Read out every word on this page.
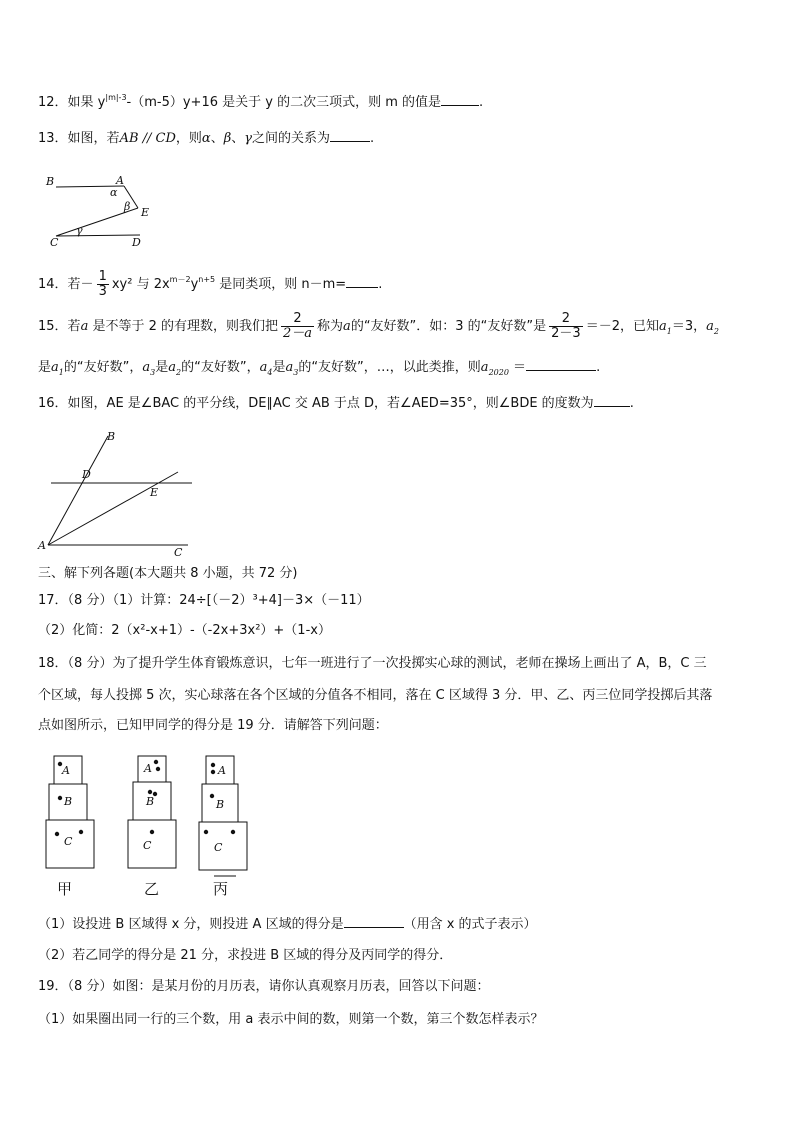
12．如果 $y^{|m|-3}-(m-5)y+16$ 是关于 y 的二次三项式，则 m 的值是	.
13．如图，若AB // CD，则α、β、γ之间的关系为	.
B	A
α
β E
γ
C	D
14．若－ $\frac{1}{3} xy^2$ 与 $2x^{m-2}y^{n+5}$ 是同类项，则 n－m= .
15．若a 是不等于 2 的有理数，则我们把 $\frac{2}{2-a}$ 称为a的“友好数”．如：3 的“友好数”是 $\frac{2}{2-3} =-2$，已知$a_1=3$，$a_2$
是$a_1$的“友好数”，$a_3$是$a_2$的“友好数”，$a_4$是$a_3$的“友好数”，…，以此类推，则$a_{2020}$ ＝	.
16．如图，AE 是∠BAC 的平分线，DE∥AC 交 AB 于点 D，若∠AED=35°，则∠BDE 的度数为	.
B
D
E
A
C
三、解下列各题(本大题共 8 小题，共 72 分)
17．（8 分）（1）计算：24÷[（－2）³+4]－3×（－11）
（2）化简：2（x²-x+1）-（-2x+3x²）+（1-x）
18．（8 分）为了提升学生体育锻炼意识，七年一班进行了一次投掷实心球的测试，老师在操场上画出了 A，B，C 三
个区域，每人投掷 5 次，实心球落在各个区域的分值各不相同，落在 C 区域得 3 分．甲、乙、丙三位同学投掷后其落
点如图所示，已知甲同学的得分是 19 分．请解答下列问题：
A
B
C
甲
A
B
C
乙
A
B
C
丙
（1）设投进 B 区域得 x 分，则投进 A 区域的得分是	（用含 x 的式子表示）
（2）若乙同学的得分是 21 分，求投进 B 区域的得分及丙同学的得分．
19．（8 分）如图：是某月份的月历表，请你认真观察月历表，回答以下问题：
（1）如果圈出同一行的三个数，用 a 表示中间的数，则第一个数，第三个数怎样表示？
